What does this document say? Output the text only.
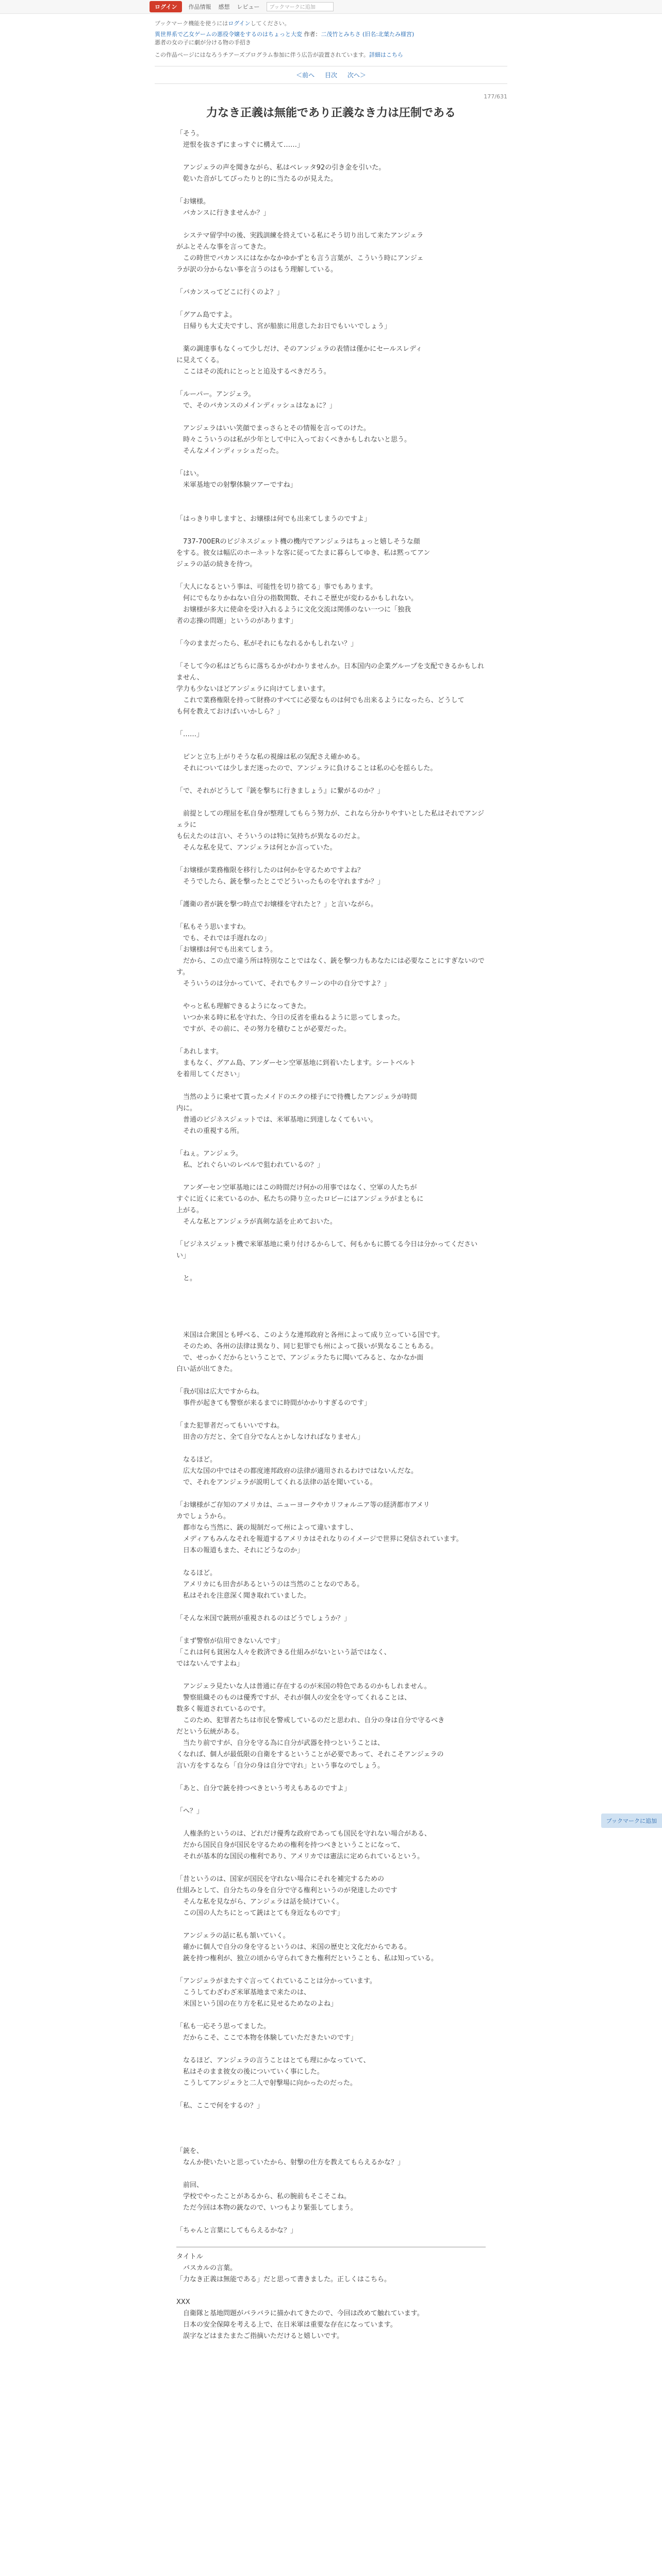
ログイン	作品情報 感想 レビュー	ブックマークに追加
ブックマーク機能を使うにはログインしてください。
異世界系で乙女ゲームの悪役令嬢をするのはちょっと大変 作者：二茂竹とみちさ (旧名:北葉たみ様宮)
悪者の女の子に劇が分ける物の手招き
この作品ページにはなろうチアーズプログラム参加に伴う広告が設置されています。詳細はこちら
＜前へ 目次 次へ＞
177/631
力なき正義は無能であり正義なき力は圧制である

「そう。

　逆恨を抜さずにまっすぐに構えて……」

　アンジェラの声を聞きながら、私はベレッタ92の引き金を引いた。

　乾いた音がしてぴったりと的に当たるのが見えた。

「お嬢様。

　バカンスに行きませんか？」

　システマ留学中の後、実践訓練を終えている私にそう切り出して来たアンジェラ

がふとそんな事を言ってきた。

　この時世でバカンスにはなかなかゆかずとも言う言葉が、こういう時にアンジェ

ラが訳の分からない事を言うのはもう理解している。

「バカンスってどこに行くのよ？」

「グアム島ですよ。

　日帰りも大丈夫ですし、宮が船旅に用意したお日でもいいでしょう」

　薬の調達事もなくって少しだけ、そのアンジェラの表情は僅かにセールスレディ

に見えてくる。

　ここはその流れにとっとと追及するべきだろう。

「ルーパー。アンジェラ。

　で、そのバカンスのメインディッシュはなぁに？」

　アンジェラはいい笑顔でまっさらとその情報を言ってのけた。

　時々こういうのは私が少年として中に入っておくべきかもしれないと思う。

　そんなメインディッシュだった。

「はい。

　米軍基地での射撃体験ツアーですね」

「はっきり申しますと、お嬢様は何でも出来てしまうのですよ」

　737-700ERのビジネスジェット機の機内でアンジェラはちょっと嬉しそうな顔

をする。彼女は幅広のホーネットな客に従ってたまに暮らしてゆき、私は黙ってアン

ジェラの話の続きを待つ。

「大人になるという事は、可能性を切り捨てる」事でもあります。

　何にでもなりかねない自分の指数関数、それこそ歴史が変わるかもしれない。

　お嬢様が多大に使命を受け入れるように文化交流は関係のない一つに「独我

者の志操の問題」というのがあります」

「今のままだったら、私がそれにもなれるかもしれない？」

「そして今の私はどちらに落ちるかがわかりませんか。日本国内の企業グループを支配できるかもしれません、

学力も少ないほどアンジェラに向けてしまいます。

　これで業務権限を持って財務のすべてに必要なものは何でも出来るようになったら、どうして

も何を教えておけばいいかしら？」

「……」

　ピンと立ち上がりそうな私の視線は私の気配さえ確かめる。

　それについては少しまだ迷ったので、アンジェラに負けることは私の心を揺らした。

「で、それがどうして『銃を撃ちに行きましょう』に繋がるのか？」

　前提としての理屈を私自身が整理してもらう努力が、これなら分かりやすいとした私はそれでアンジェラに

も伝えたのは言い、そういうのは特に気持ちが異なるのだよ。

　そんな私を見て、アンジェラは何とか言っていた。

「お嬢様が業務権限を移行したのは何かを守るためですよね？

　そうでしたら、銃を撃ったとこでどういったものを守れますか？」

「護衛の者が銃を撃つ時点でお嬢様を守れたと？」と言いながら。

「私もそう思いますわ。

　でも、それでは手遅れなの」

「お嬢様は何でも出来てしまう。

　だから、この点で違う所は特別なことではなく、銃を撃つ力もあなたには必要なことにすぎないのです。

　そういうのは分かっていて、それでもクリーンの中の自分ですよ？」

　やっと私も理解できるようになってきた。

　いつか来る時に私を守れた、今日の反省を重ねるように思ってしまった。

　ですが、その前に、その努力を積むことが必要だった。

「あれします。

　まもなく、グアム島、アンダーセン空軍基地に到着いたします。シートベルト

を着用してください」

　当然のように乗せて貰ったメイドのエクの様子にで待機したアンジェラが時間

内に。

　普通のビジネスジェットでは、米軍基地に到達しなくてもいい。

　それの重視する所。

「ねぇ。アンジェラ。

　私、どれぐらいのレベルで狙われているの？」

　アンダーセン空軍基地にはこの時間だけ何かの用事ではなく、空軍の人たちが

すぐに近くに来ているのか、私たちの降り立ったロビーにはアンジェラがまともに

上がる。

　そんな私とアンジェラが真剣な話を止めておいた。

「ビジネスジェット機で米軍基地に乗り付けるからして、何もかもに勝てる今日は分かってください

い」

　と。

　米国は合衆国とも呼べる、このような連邦政府と各州によって成り立っている国です。

　そのため、各州の法律は異なり、同じ犯罪でも州によって扱いが異なることもある。

　で、せっかくだからということで、アンジェラたちに聞いてみると、なかなか面

白い話が出てきた。

「我が国は広大ですからね。

　事件が起きても警察が来るまでに時間がかかりすぎるのです」

「また犯罪者だってもいいですね。

　田舎の方だと、全て自分でなんとかしなければなりません」

　なるほど。

　広大な国の中ではその都度連邦政府の法律が適用されるわけではないんだな。

　で、それをアンジェラが説明してくれる法律の話を聞いている。

「お嬢様がご存知のアメリカは、ニューヨークやカリフォルニア等の経済都市アメリ

カでしょうから。

　都市なら当然に、銃の規制だって州によって違いますし、

　メディアもみんなそれを報道するアメリカはそれなりのイメージで世界に発信されています。

　日本の報道もまた、それにどうなのか」

　なるほど。

　アメリカにも田舎があるというのは当然のことなのである。

　私はそれを注意深く聞き取れていました。

「そんな米国で銃刑が重視されるのはどうでしょうか？」

「まず警察が信用できないんです」

「これは何も貧困な人々を救済できる仕組みがないという話ではなく、

ではないんですよね」

　アンジェラ見たいな人は普通に存在するのが米国の特色であるのかもしれません。

　警察組織そのものは優秀ですが、それが個人の安全を守ってくれることは、

数多く報道されているのです。

　このため、犯罪者たちは市民を警戒しているのだと思われ、自分の身は自分で守るべき

だという伝統がある。

　当たり前ですが、自分を守る為に自分が武器を持つということは、

くなれば、個人が最低限の自衛をするということが必要であって、それこそアンジェラの

言い方をするなら「自分の身は自分で守れ」という事なのでしょう。

「あと、自分で銃を持つべきという考えもあるのですよ」

「へ？」

　人権条約というのは、どれだけ優秀な政府であっても国民を守れない場合がある、

　だから国民自身が国民を守るための権利を持つべきということになって、

　それが基本的な国民の権利であり、アメリカでは憲法に定められているという。

「昔というのは、国家が国民を守れない場合にそれを補完するための

仕組みとして、自分たちの身を自分で守る権利というのが発達したのです

　そんな私を見ながら、アンジェラは話を続けていく。

　この国の人たちにとって銃はとても身近なものです」

　アンジェラの話に私も頷いていく。

　確かに個人で自分の身を守るというのは、米国の歴史と文化だからである。

　銃を持つ権利が、独立の頃から守られてきた権利だということも、私は知っている。

「アンジェラがまたすぐ言ってくれていることは分かっています。

　こうしてわざわざ米軍基地まで来たのは、

　米国という国の在り方を私に見せるためなのよね」

「私も一応そう思ってました。

　だからこそ、ここで本物を体験していただきたいのです」

　なるほど、アンジェラの言うことはとても理にかなっていて、

　私はそのまま彼女の後についていく事にした。

　こうしてアンジェラと二人で射撃場に向かったのだった。

「私、ここで何をするの？」

「銃を、

　なんか使いたいと思っていたから、射撃の仕方を教えてもらえるかな？」

　前回、

　学校でやったことがあるから、私の腕前もそこそこね。

　ただ今回は本物の銃なので、いつもより緊張してしまう。

「ちゃんと言葉にしてもらえるかな？」

タイトル

　バスカルの言葉。

「力なき正義は無能である」だと思って書きました。正しくはこちら。

XXX

　自衛隊と基地問題がバラバラに描かれてきたので、今回は改めて触れています。

　日本の安全保障を考える上で、在日米軍は重要な存在になっています。

　誤字などはまたまたご指摘いただけると嬉しいです。

ブックマークに追加
